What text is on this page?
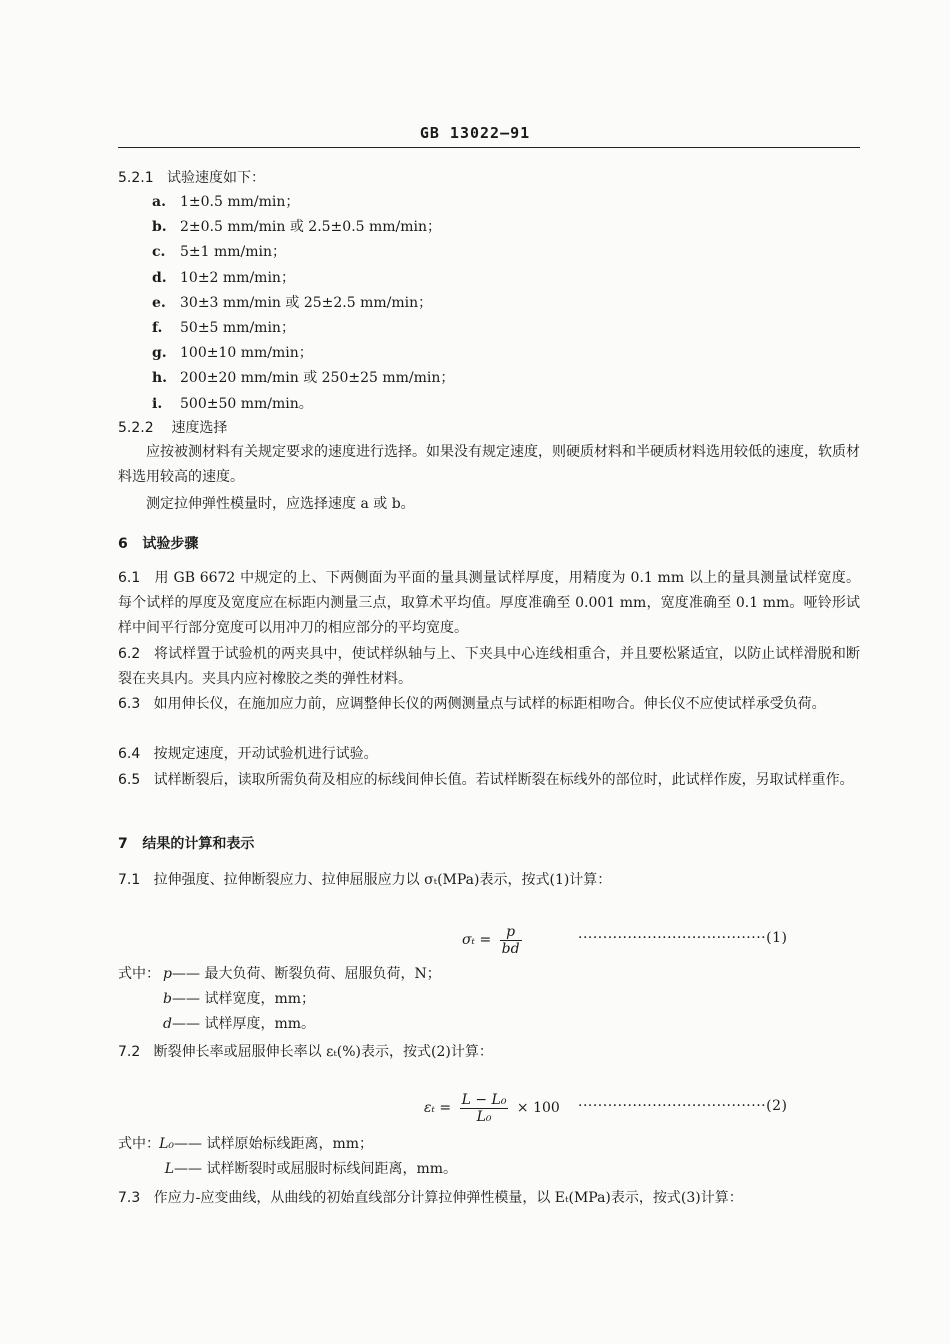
GB 13022—91
5.2.1 试验速度如下：
a. 1±0.5 mm/min；
b. 2±0.5 mm/min 或 2.5±0.5 mm/min；
c. 5±1 mm/min；
d. 10±2 mm/min；
e. 30±3 mm/min 或 25±2.5 mm/min；
f. 50±5 mm/min；
g. 100±10 mm/min；
h. 200±20 mm/min 或 250±25 mm/min；
i. 500±50 mm/min。
5.2.2 速度选择
应按被测材料有关规定要求的速度进行选择。如果没有规定速度，则硬质材料和半硬质材料选用较低的速度，软质材料选用较高的速度。
测定拉伸弹性模量时，应选择速度 a 或 b。
6 试验步骤
6.1 用 GB 6672 中规定的上、下两侧面为平面的量具测量试样厚度，用精度为 0.1 mm 以上的量具测量试样宽度。每个试样的厚度及宽度应在标距内测量三点，取算术平均值。厚度准确至 0.001 mm，宽度准确至 0.1 mm。哑铃形试样中间平行部分宽度可以用冲刀的相应部分的平均宽度。
6.2 将试样置于试验机的两夹具中，使试样纵轴与上、下夹具中心连线相重合，并且要松紧适宜，以防止试样滑脱和断裂在夹具内。夹具内应衬橡胶之类的弹性材料。
6.3 如用伸长仪，在施加应力前，应调整伸长仪的两侧测量点与试样的标距相吻合。伸长仪不应使试样承受负荷。
6.4 按规定速度，开动试验机进行试验。
6.5 试样断裂后，读取所需负荷及相应的标线间伸长值。若试样断裂在标线外的部位时，此试样作废，另取试样重作。
7 结果的计算和表示
7.1 拉伸强度、拉伸断裂应力、拉伸屈服应力以 σₜ(MPa)表示，按式(1)计算：
$\sigma_t = \frac{p}{bd}$	······································(1)
式中： p—— 最大负荷、断裂负荷、屈服负荷，N；
b—— 试样宽度，mm；
d—— 试样厚度，mm。
7.2 断裂伸长率或屈服伸长率以 εₜ(%)表示，按式(2)计算：
$\varepsilon_t = \frac{\text{L − L₀}}{\text{L₀}} \times 100 \cdot\cdot\cdot\cdot\cdot\cdot\cdot\cdot\cdot\cdot\cdot\cdot\cdot\cdot\cdot\cdot\cdot\cdot\cdot\cdot\cdot\cdot\cdot\cdot\cdot\cdot\cdot\cdot\cdot\cdot\cdot\cdot\cdot\cdot\cdot\cdot\cdot\cdot(2)$
式中： L₀—— 试样原始标线距离，mm；
L—— 试样断裂时或屈服时标线间距离，mm。
7.3 作应力-应变曲线，从曲线的初始直线部分计算拉伸弹性模量，以 Eₜ(MPa)表示，按式(3)计算：
